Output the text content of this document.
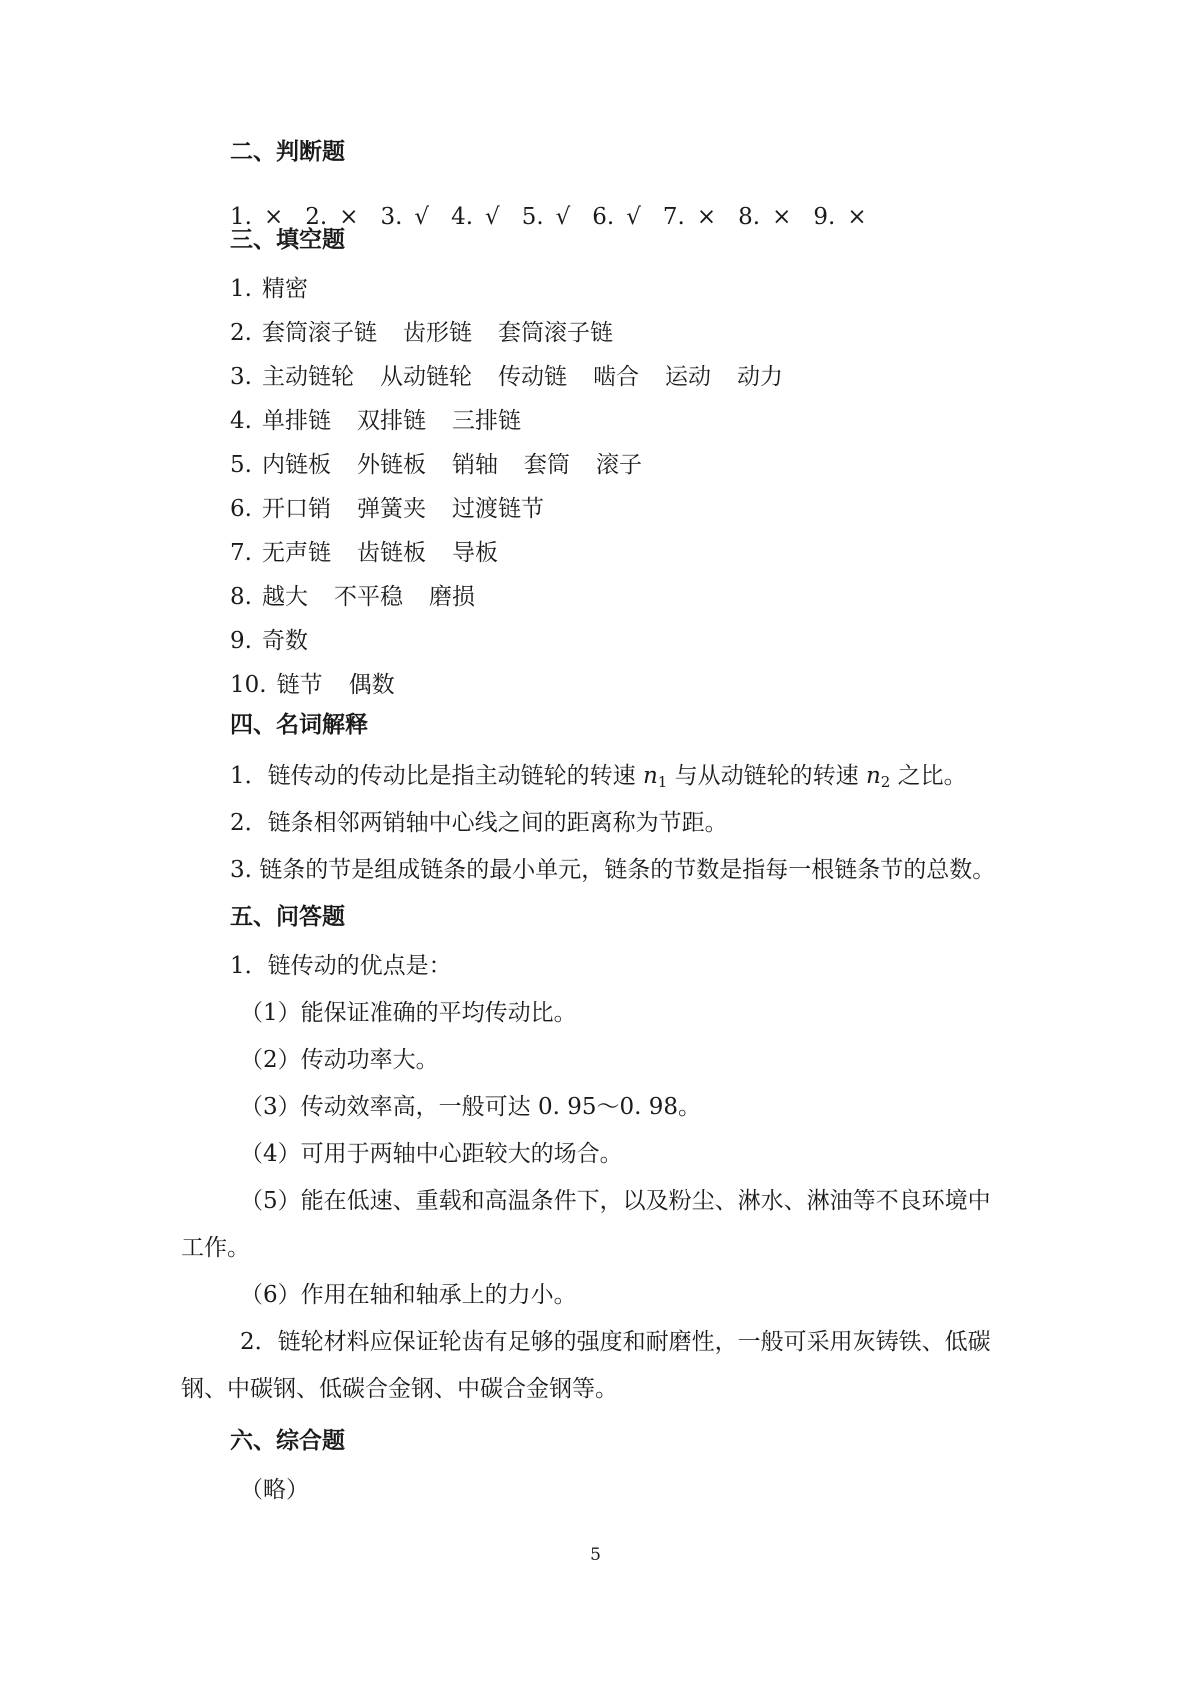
二、判断题
1. × 2. × 3. √ 4. √ 5. √ 6. √ 7. × 8. × 9. ×
三、填空题
1. 精密
2. 套筒滚子链 齿形链 套筒滚子链
3. 主动链轮 从动链轮 传动链 啮合 运动 动力
4. 单排链 双排链 三排链
5. 内链板 外链板 销轴 套筒 滚子
6. 开口销 弹簧夹 过渡链节
7. 无声链 齿链板 导板
8. 越大 不平稳 磨损
9. 奇数
10. 链节 偶数
四、名词解释
1．链传动的传动比是指主动链轮的转速 $n_1$ 与从动链轮的转速 $n_2$ 之比。
2．链条相邻两销轴中心线之间的距离称为节距。
3. 链条的节是组成链条的最小单元，链条的节数是指每一根链条节的总数。
五、问答题
1．链传动的优点是：
（1）能保证准确的平均传动比。
（2）传动功率大。
（3）传动效率高，一般可达 0. 95～0. 98。
（4）可用于两轴中心距较大的场合。
（5）能在低速、重载和高温条件下，以及粉尘、淋水、淋油等不良环境中
工作。
（6）作用在轴和轴承上的力小。
2．链轮材料应保证轮齿有足够的强度和耐磨性，一般可采用灰铸铁、低碳
钢、中碳钢、低碳合金钢、中碳合金钢等。
六、综合题
（略）
5
